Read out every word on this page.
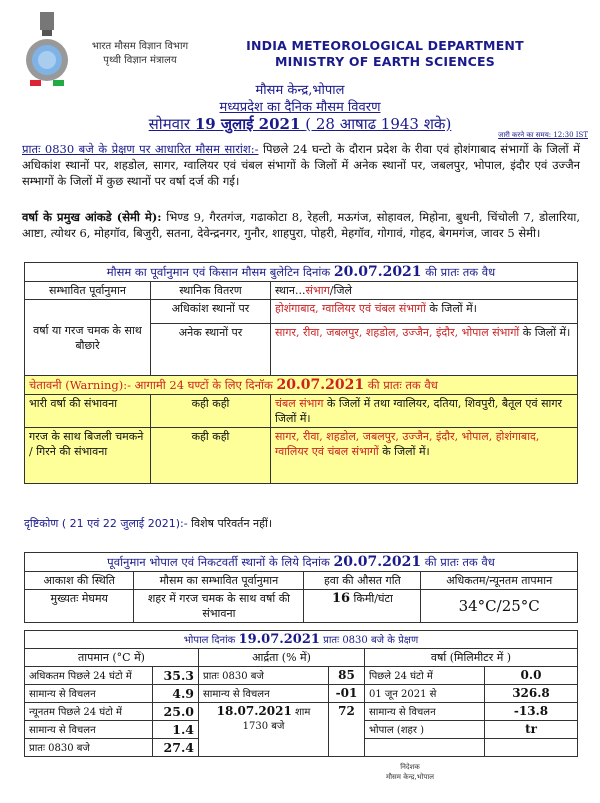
भारत मौसम विज्ञान विभाग
पृथ्वी विज्ञान मंत्रालय
INDIA METEOROLOGICAL DEPARTMENT
MINISTRY OF EARTH SCIENCES
मौसम केन्द्र,भोपाल
मध्यप्रदेश का दैनिक मौसम विवरण
सोमवार 19 जुलाई 2021 ( 28 आषाढ 1943 शके)
जारी करने का समय: 12:30 IST
प्रातः 0830 बजे के प्रेक्षण पर आधारित मौसम सारांश:- पिछले 24 घन्टो के दौरान प्रदेश के रीवा एवं होशंगाबाद संभागों के जिलों में अधिकांश स्थानों पर, शहडोल, सागर, ग्वालियर एवं चंबल संभागों के जिलों में अनेक स्थानों पर, जबलपुर, भोपाल, इंदौर एवं उज्जैन सम्भागों के जिलों में कुछ स्थानों पर वर्षा दर्ज की गई।
वर्षा के प्रमुख आंकडे (सेमी मे): भिण्ड 9, गैरतगंज, गढाकोटा 8, रेहली, मऊगंज, सोहावल, मिहोना, बुधनी, चिंचोली 7, डोलारिया, आष्टा, त्योथर 6, मोहगॉव, बिजुरी, सतना, देवेन्द्रनगर, गुनौर, शाहपुरा, पोहरी, मेहगॉव, गोगावं, गोहद, बेगमगंज, जावर 5 सेमी।
मौसम का पूर्वानुमान एवं किसान मौसम बुलेटिन दिनांक 20.07.2021 की प्रातः तक वैध		
सम्भावित पूर्वानुमान	स्थानिक वितरण	स्थान...संभाग/जिले
वर्षा या गरज चमक के साथ बौछारे	अधिकांश स्थानों पर	होशंगाबाद, ग्वालियर एवं चंबल संभागों के जिलों में।
	अनेक स्थानों पर	सागर, रीवा, जबलपुर, शहडोल, उज्जैन, इंदौर, भोपाल संभागों के जिलों में।
चेतावनी (Warning):- आगामी 24 घण्टों के लिए दिनॉक 20.07.2021 की प्रातः तक वैध		
भारी वर्षा की संभावना	कही कही	चंबल संभाग के जिलों में तथा ग्वालियर, दतिया, शिवपुरी, बैतूल एवं सागर जिलों में।
गरज के साथ बिजली चमकने / गिरने की संभावना	कही कही	सागर, रीवा, शहडोल, जबलपुर, उज्जैन, इंदौर, भोपाल, होशंगाबाद, ग्वालियर एवं चंबल संभागों के जिलों में।
दृष्टिकोण ( 21 एवं 22 जुलाई 2021):- विशेष परिवर्तन नहीं।
पूर्वानुमान भोपाल एवं निकटवर्ती स्थानों के लिये दिनांक 20.07.2021 की प्रातः तक वैध			
आकाश की स्थिति	मौसम का सम्भावित पूर्वानुमान	हवा की औसत गति	अधिकतम/न्यूनतम तापमान
मुख्यतः मेघमय	शहर में गरज चमक के साथ वर्षा की संभावना	16 किमी/घंटा	34°C/25°C
भोपाल दिनांक 19.07.2021 प्रातः 0830 बजे के प्रेक्षण					
तापमान (°C में)		आर्द्रता (% में)		वर्षा (मिलिमीटर में )	
अधिकतम पिछले 24 घंटो में	35.3	प्रातः 0830 बजे	85	पिछले 24 घंटो में	0.0
सामान्य से विचलन	4.9	सामान्य से विचलन	-01	01 जून 2021 से	326.8
न्यूनतम पिछले 24 घंटो में	25.0	18.07.2021 शाम 1730 बजे	72	सामान्य से विचलन	-13.8
सामान्य से विचलन	1.4			भोपाल (शहर )	tr
प्रातः 0830 बजे	27.4				
निदेशक
मौसम केन्द्र,भोपाल
